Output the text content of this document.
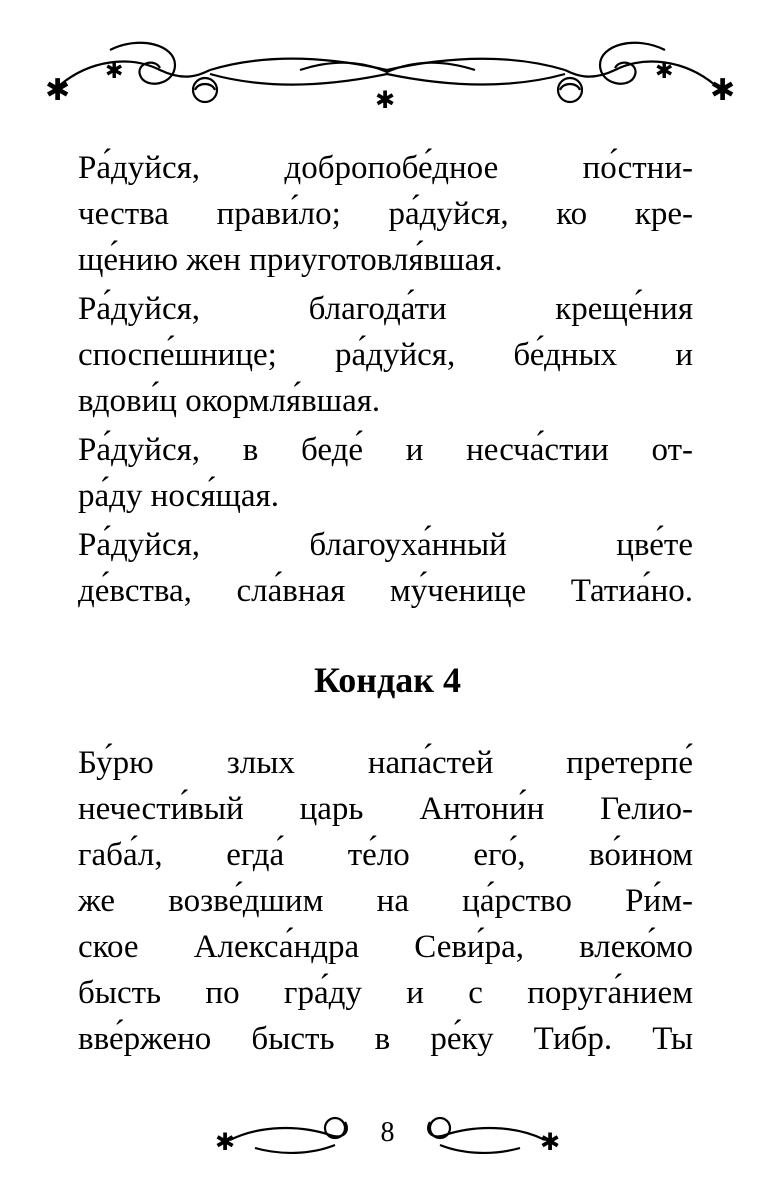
✱
✱
✱
✱
✱
Ра́дуйся, добропобе́дное по́стни-
чества прави́ло; ра́дуйся, ко кре-
ще́нию жен приуготовля́вшая.
Ра́дуйся, благода́ти креще́ния
споспе́шнице; ра́дуйся, бе́дных и
вдови́ц окормля́вшая.
Ра́дуйся, в беде́ и несча́стии от-
ра́ду нося́щая.
Ра́дуйся, благоуха́нный цве́те
де́вства, сла́вная му́ченице Татиа́но.
Кондак 4
Бу́рю злых напа́стей претерпе́
нечести́вый царь Антони́н Гелио-
габа́л, егда́ те́ло его́, во́ином
же возве́дшим на ца́рство Ри́м-
ское Алекса́ндра Севи́ра, влеко́мо
бысть по гра́ду и с поруга́нием
вве́ржено бысть в ре́ку Тибр. Ты
✱	✱
8
